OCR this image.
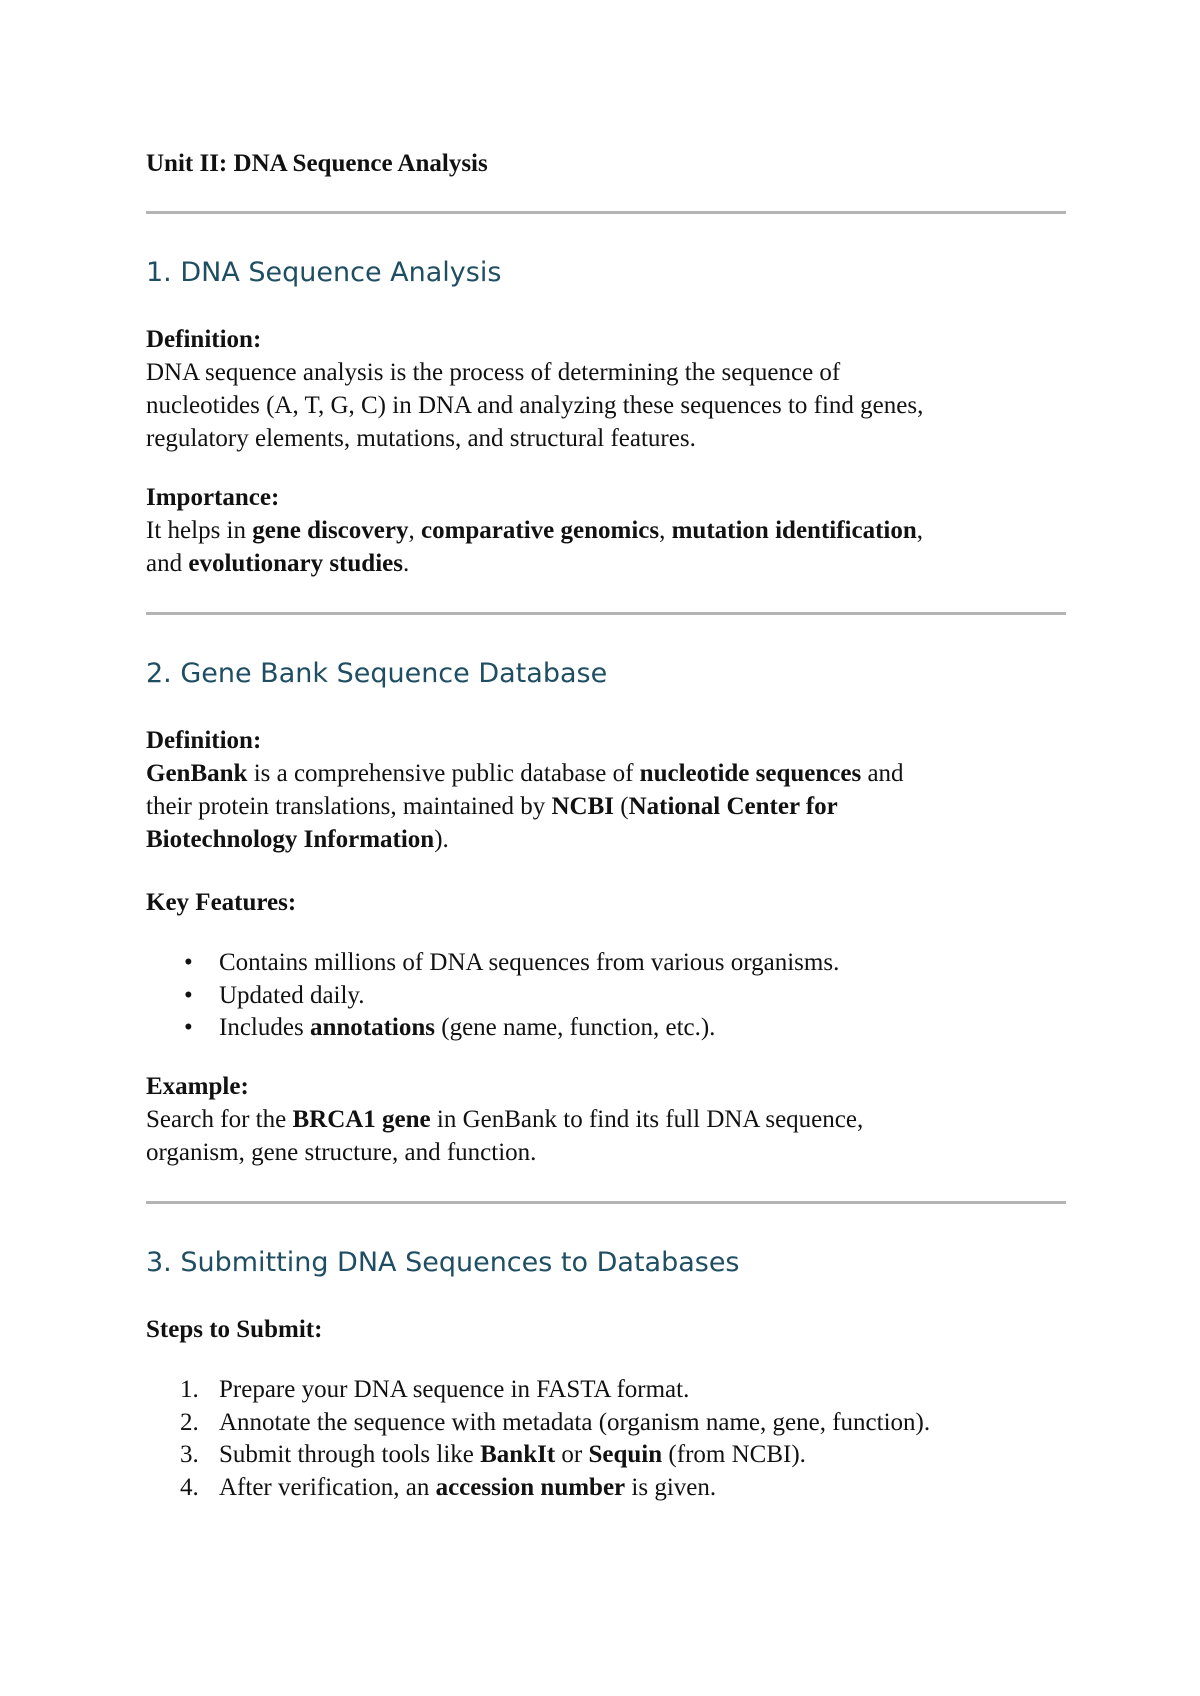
Unit II: DNA Sequence Analysis
1. DNA Sequence Analysis
Definition:
DNA sequence analysis is the process of determining the sequence of
nucleotides (A, T, G, C) in DNA and analyzing these sequences to find genes,
regulatory elements, mutations, and structural features.
Importance:
It helps in gene discovery, comparative genomics, mutation identification,
and evolutionary studies.
2. Gene Bank Sequence Database
Definition:
GenBank is a comprehensive public database of nucleotide sequences and
their protein translations, maintained by NCBI (National Center for
Biotechnology Information).
Key Features:
• Contains millions of DNA sequences from various organisms.
• Updated daily.
• Includes annotations (gene name, function, etc.).
Example:
Search for the BRCA1 gene in GenBank to find its full DNA sequence,
organism, gene structure, and function.
3. Submitting DNA Sequences to Databases
Steps to Submit:
1. Prepare your DNA sequence in FASTA format.
2. Annotate the sequence with metadata (organism name, gene, function).
3. Submit through tools like BankIt or Sequin (from NCBI).
4. After verification, an accession number is given.
